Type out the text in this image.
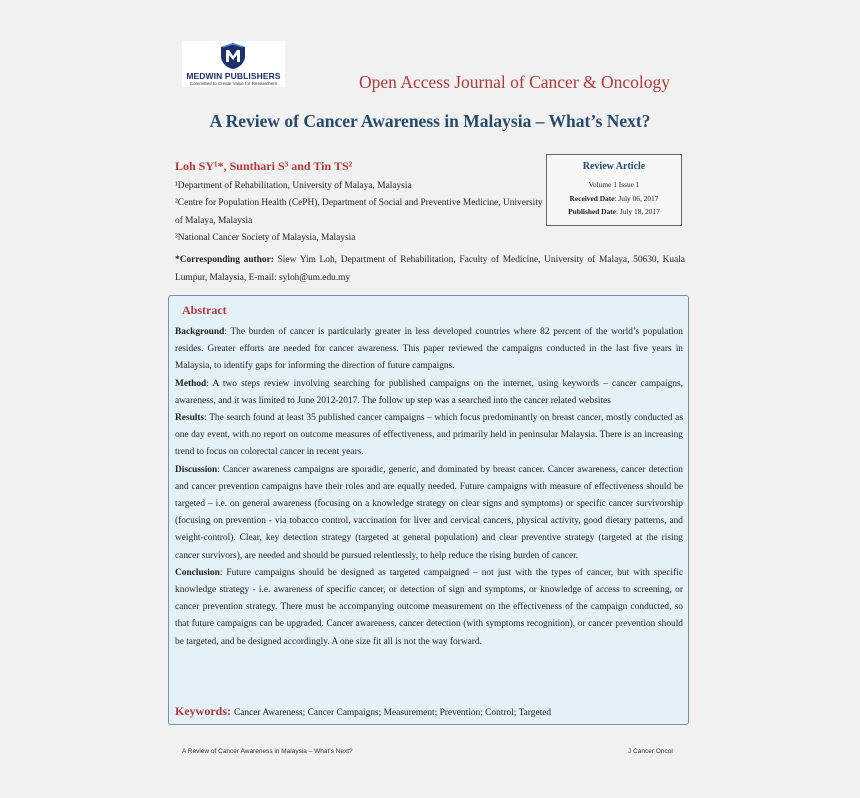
MEDWIN PUBLISHERS
Committed to Create Value for Researchers	Open Access Journal of Cancer & Oncology
A Review of Cancer Awareness in Malaysia – What’s Next?
Loh SY¹*, Sunthari S³ and Tin TS²
¹Department of Rehabilitation, University of Malaya, Malaysia
²Centre for Population Health (CePH), Department of Social and Preventive Medicine, University of Malaya, Malaysia
³National Cancer Society of Malaysia, Malaysia
*Corresponding author: Siew Yim Loh, Department of Rehabilitation, Faculty of Medicine, University of Malaya, 50630, Kuala Lumpur, Malaysia, E-mail: syloh@um.edu.my
Review Article
Volume 1 Issue 1
Received Date: July 06, 2017
Published Date: July 18, 2017
Abstract

Background: The burden of cancer is particularly greater in less developed countries where 82 percent of the world’s population resides. Greater efforts are needed for cancer awareness. This paper reviewed the campaigns conducted in the last five years in Malaysia, to identify gaps for informing the direction of future campaigns.

Method: A two steps review involving searching for published campaigns on the internet, using keywords – cancer campaigns, awareness, and it was limited to June 2012-2017. The follow up step was a searched into the cancer related websites

Results: The search found at least 35 published cancer campaigns – which focus predominantly on breast cancer, mostly conducted as one day event, with no report on outcome measures of effectiveness, and primarily held in peninsular Malaysia. There is an increasing trend to focus on colorectal cancer in recent years.

Discussion: Cancer awareness campaigns are sporadic, generic, and dominated by breast cancer. Cancer awareness, cancer detection and cancer prevention campaigns have their roles and are equally needed. Future campaigns with measure of effectiveness should be targeted – i.e. on general awareness (focusing on a knowledge strategy on clear signs and symptoms) or specific cancer survivorship (focusing on prevention - via tobacco control, vaccination for liver and cervical cancers, physical activity, good dietary patterns, and weight-control). Clear, key detection strategy (targeted at general population) and clear preventive strategy (targeted at the rising cancer survivors), are needed and should be pursued relentlessly, to help reduce the rising burden of cancer.

Conclusion: Future campaigns should be designed as targeted campaigned – not just with the types of cancer, but with specific knowledge strategy - i.e. awareness of specific cancer, or detection of sign and symptoms, or knowledge of access to screening, or cancer prevention strategy. There must be accompanying outcome measurement on the effectiveness of the campaign conducted, so that future campaigns can be upgraded. Cancer awareness, cancer detection (with symptoms recognition), or cancer prevention should be targeted, and be designed accordingly. A one size fit all is not the way forward.

Keywords: Cancer Awareness; Cancer Campaigns; Measurement; Prevention; Control; Targeted
A Review of Cancer Awareness in Malaysia – What’s Next?	J Cancer Oncol
